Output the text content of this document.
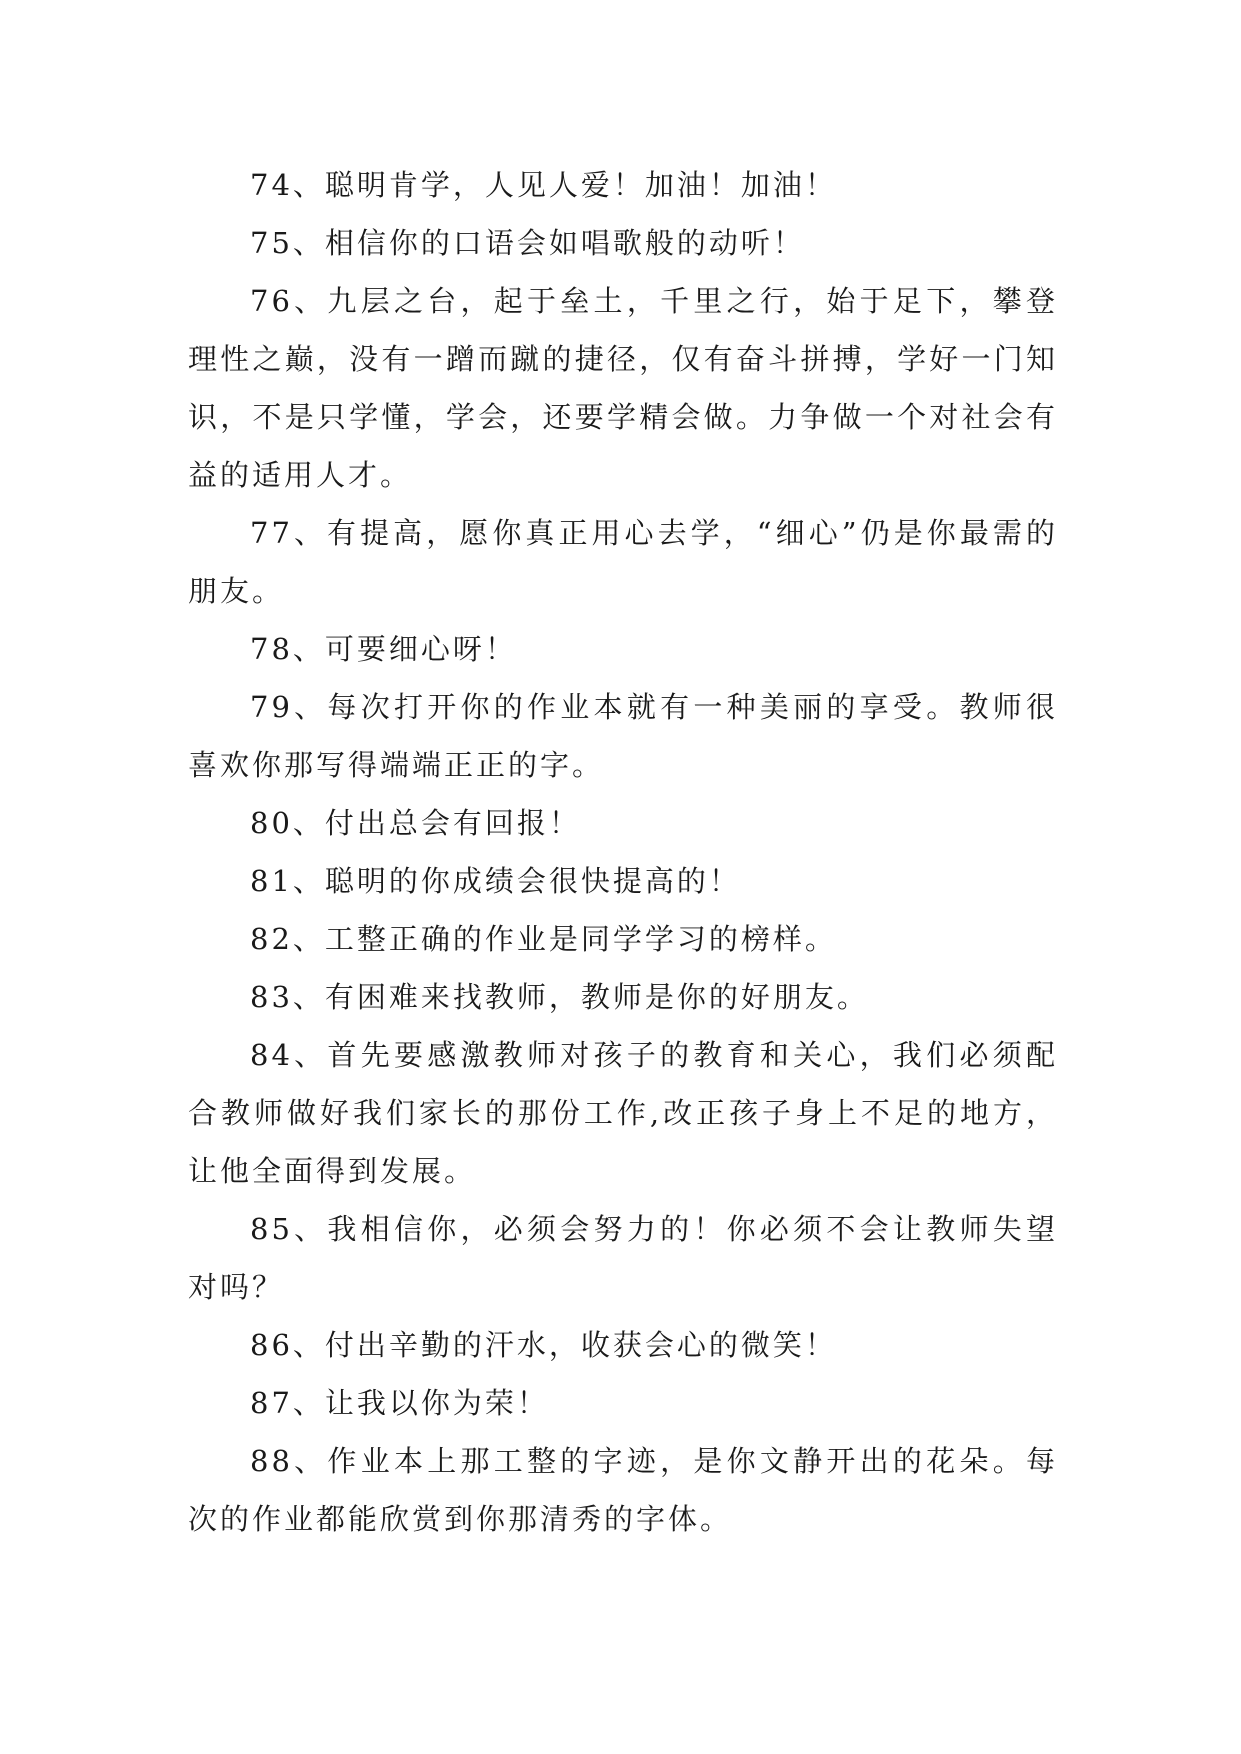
74、聪明肯学，人见人爱！加油！加油！

75、相信你的口语会如唱歌般的动听！

76、九层之台，起于垒土，千里之行，始于足下，攀登理性之巅，没有一蹭而蹴的捷径，仅有奋斗拼搏，学好一门知识，不是只学懂，学会，还要学精会做。力争做一个对社会有益的适用人才。

77、有提高，愿你真正用心去学，“细心”仍是你最需的朋友。

78、可要细心呀！

79、每次打开你的作业本就有一种美丽的享受。教师很喜欢你那写得端端正正的字。

80、付出总会有回报！

81、聪明的你成绩会很快提高的！

82、工整正确的作业是同学学习的榜样。

83、有困难来找教师，教师是你的好朋友。

84、首先要感激教师对孩子的教育和关心，我们必须配合教师做好我们家长的那份工作,改正孩子身上不足的地方，让他全面得到发展。

85、我相信你，必须会努力的！你必须不会让教师失望对吗？

86、付出辛勤的汗水，收获会心的微笑！

87、让我以你为荣！

88、作业本上那工整的字迹，是你文静开出的花朵。每次的作业都能欣赏到你那清秀的字体。
